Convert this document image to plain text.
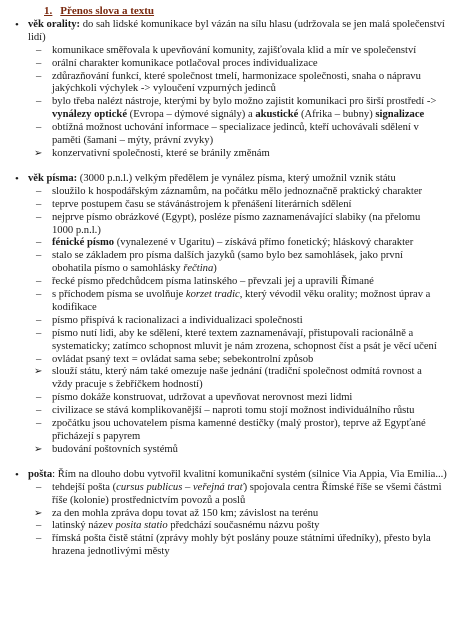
1. Přenos slova a textu
• věk orality: do sah lidské komunikace byl vázán na sílu hlasu (udržovala se jen malá společenství lidí)
– komunikace směřovala k upevňování komunity, zajišťovala klid a mír ve společenství
– orální charakter komunikace potlačoval proces individualizace
– zdůrazňování funkcí, které společnost tmelí, harmonizace společnosti, snaha o nápravu jakýchkoli výchylek -> vyloučení vzpurných jedinců
– bylo třeba nalézt nástroje, kterými by bylo možno zajistit komunikaci pro širší prostředí -> vynálezy optické (Evropa – dýmové signály) a akustické (Afrika – bubny) signalizace
– obtížná možnost uchování informace – specializace jedinců, kteří uchovávali sdělení v paměti (šamani – mýty, právní zvyky)
➢ konzervativní společnosti, které se bránily změnám
• věk písma: (3000 p.n.l.) velkým předělem je vynález písma, který umožnil vznik státu
– sloužilo k hospodářským záznamům, na počátku mělo jednoznačně praktický charakter
– teprve postupem času se stávánástrojem k přenášení literárních sdělení
– nejprve písmo obrázkové (Egypt), posléze písmo zaznamenávající slabiky (na přelomu 1000 p.n.l.)
– fénické písmo (vynalezené v Ugaritu) – získává přímo fonetický; hláskový charakter
– stalo se základem pro písma dalších jazyků (samo bylo bez samohlásek, jako první obohatila písmo o samohlásky řečtina)
– řecké písmo předchůdcem písma latinského – převzali jej a upravili Římané
– s příchodem písma se uvolňuje korzet tradic, který vévodil věku orality; možnost úprav a kodifikace
– písmo přispívá k racionalizaci a individualizaci společnosti
– písmo nutí lidi, aby ke sdělení, které textem zaznamenávají, přistupovali racionálně a systematicky; zatímco schopnost mluvit je nám zrozena, schopnost číst a psát je věcí učení
– ovládat psaný text = ovládat sama sebe; sebekontrolní způsob
➢ slouží státu, který nám také omezuje naše jednání (tradiční společnost odmítá rovnost a vždy pracuje s žebříčkem hodností)
– písmo dokáže konstruovat, udržovat a upevňovat nerovnost mezi lidmi
– civilizace se stává komplikovanější – naproti tomu stojí možnost individuálního růstu
– zpočátku jsou uchovatelem písma kamenné destičky (malý prostor), teprve až Egypťané přicházejí s papyrem
➢ budování poštovních systémů
• pošta: Řím na dlouho dobu vytvořil kvalitní komunikační systém (silnice Via Appia, Via Emilia...)
– tehdejší pošta (cursus publicus – veřejná trať) spojovala centra Římské říše se všemi částmi říše (kolonie) prostřednictvím povozů a poslů
➢ za den mohla zpráva dopu tovat až 150 km; závislost na terénu
– latinský název posita statio předchází současnému názvu pošty
– římská pošta čistě státní (zprávy mohly být poslány pouze státními úředníky), přesto byla hrazena jednotlivými městy
